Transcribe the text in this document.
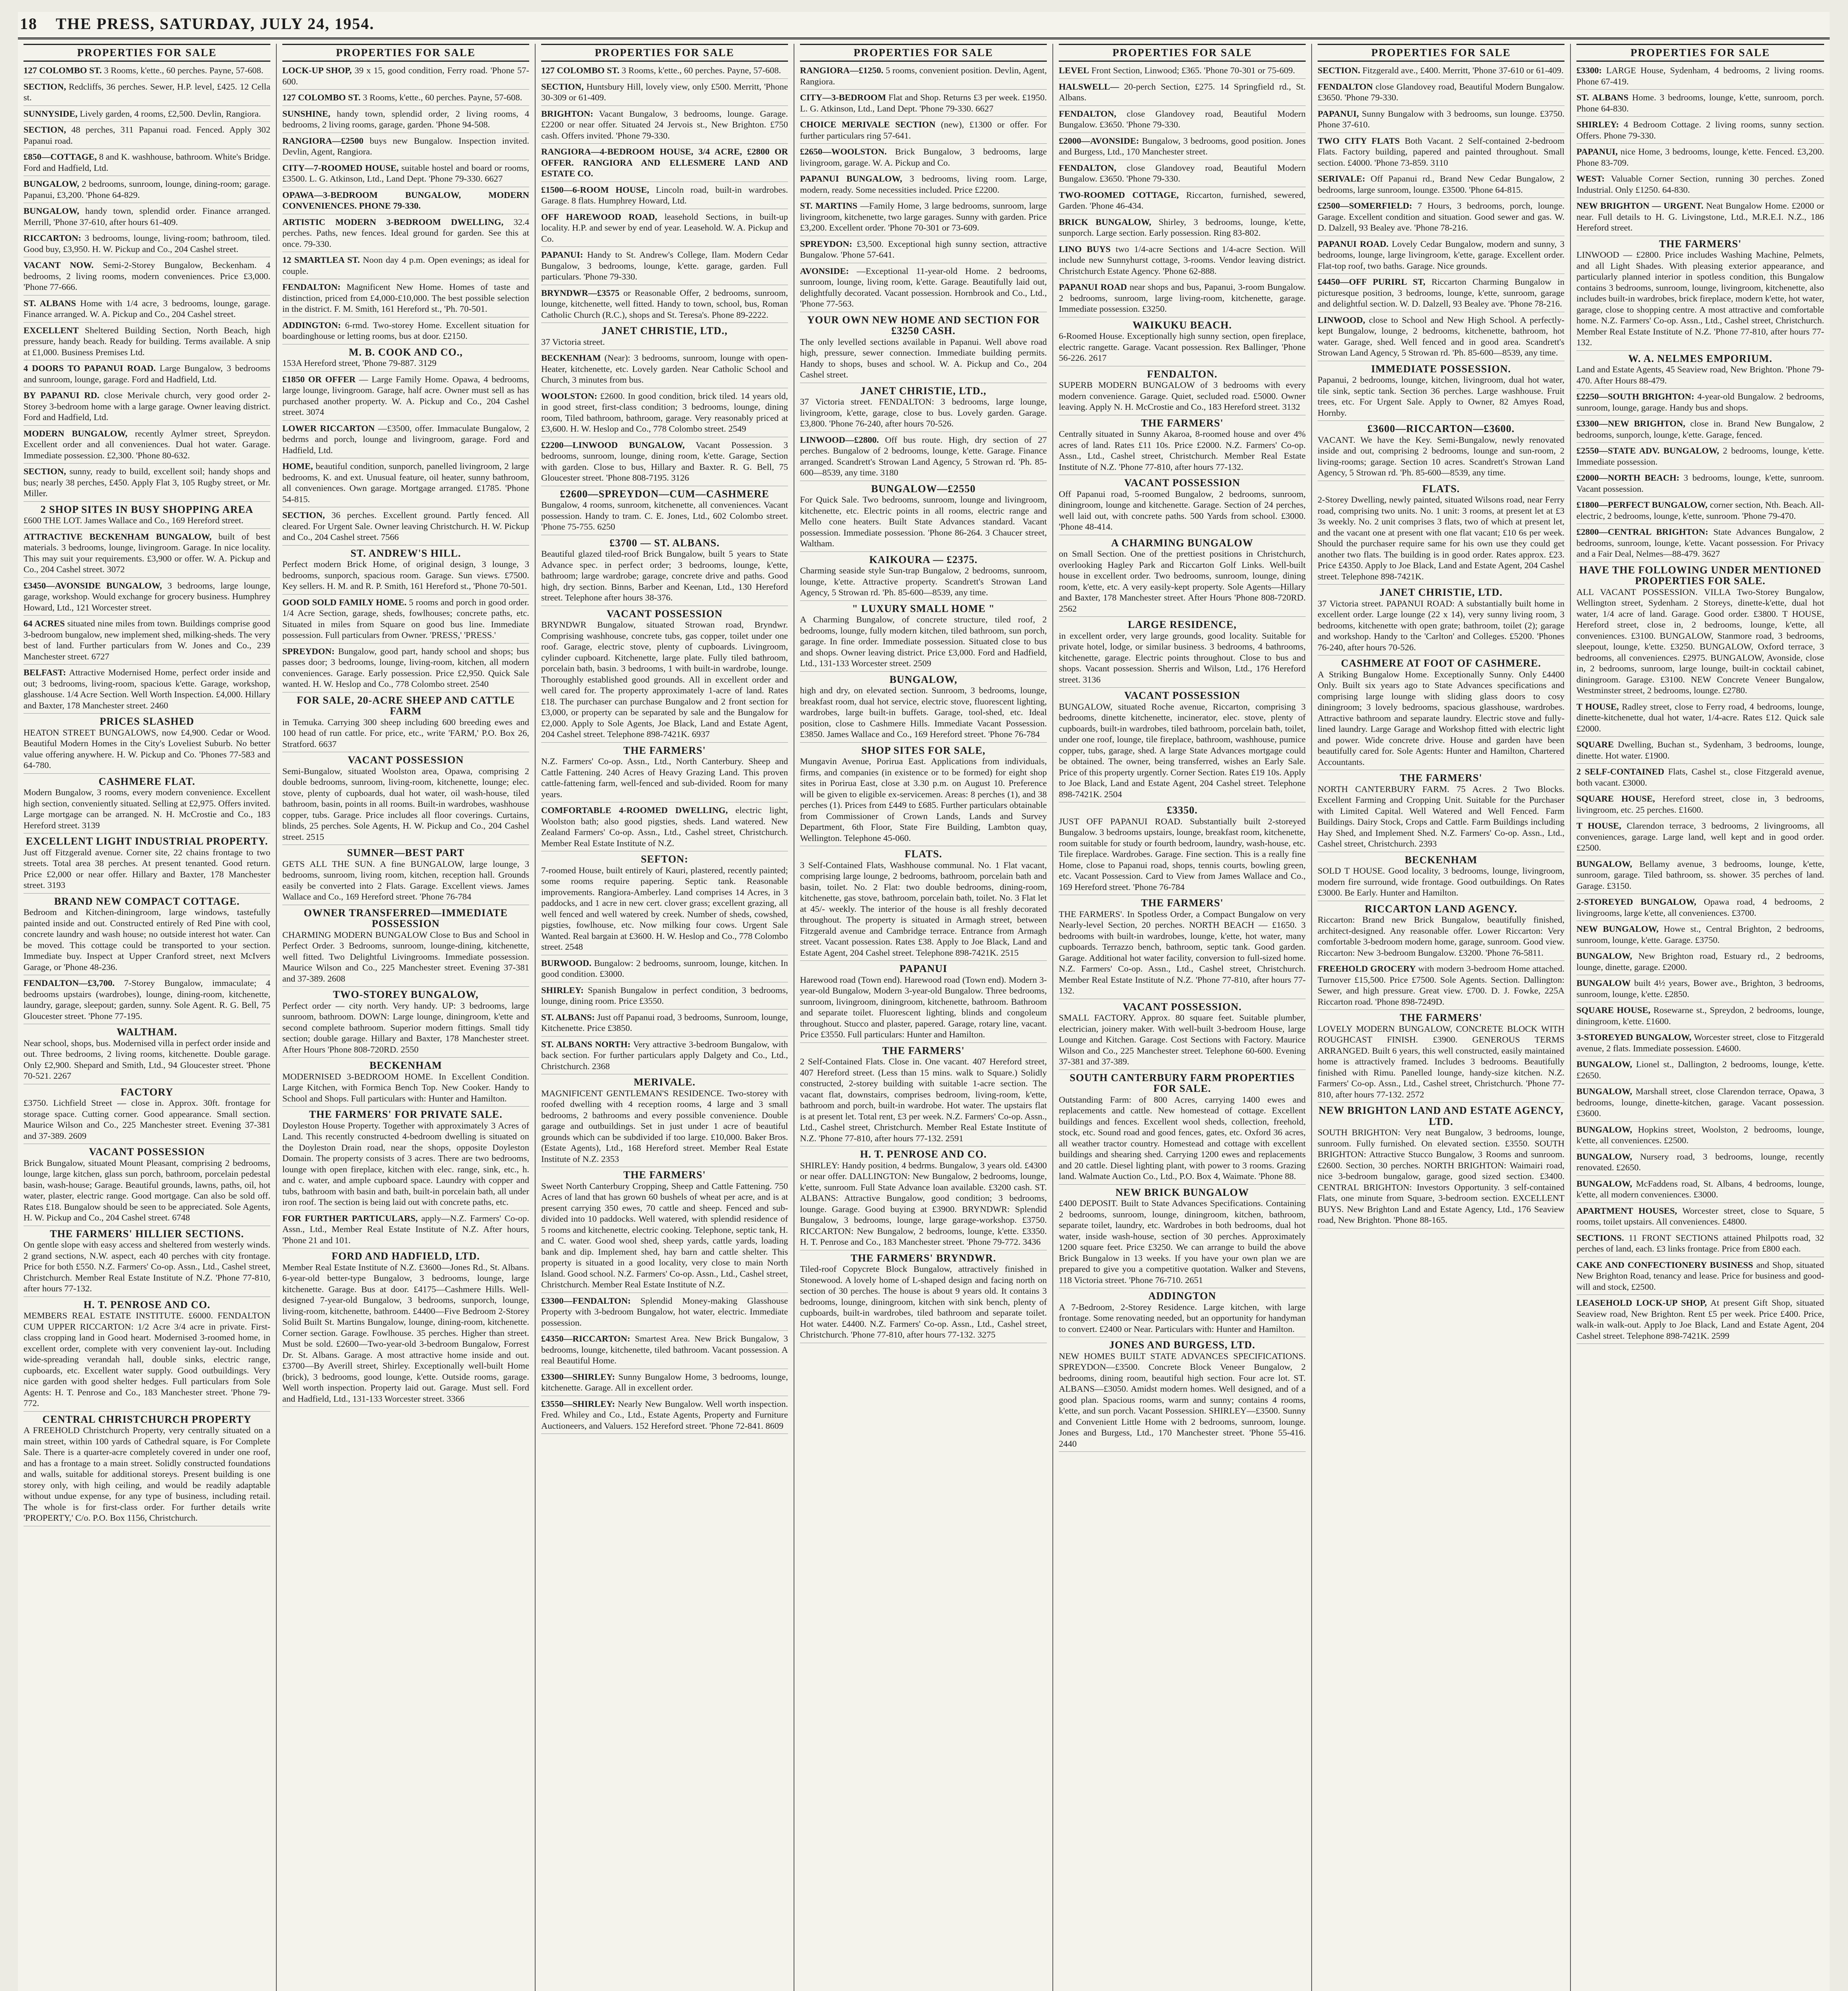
18 THE PRESS, SATURDAY, JULY 24, 1954.
PROPERTIES FOR SALE
127 COLOMBO ST. 3 Rooms, k'ette., 60 perches. Payne, 57-608.
SECTION, Redcliffs, 36 perches. Sewer, H.P. level, £425. 12 Cella st.
SUNNYSIDE, Lively garden, 4 rooms, £2,500. Devlin, Rangiora.
SECTION, 48 perches, 311 Papanui road. Fenced. Apply 302 Papanui road.
£850—COTTAGE, 8 and K. washhouse, bathroom. White's Bridge. Ford and Hadfield, Ltd.
BUNGALOW, 2 bedrooms, sunroom, lounge, dining-room; garage. Papanui, £3,200. 'Phone 64-829.
BUNGALOW, handy town, splendid order. Finance arranged. Merrill, 'Phone 37-610, after hours 61-409.
RICCARTON: 3 bedrooms, lounge, living-room; bathroom, tiled. Good buy, £3,950. H. W. Pickup and Co., 204 Cashel street.
VACANT NOW. Semi-2-Storey Bungalow, Beckenham. 4 bedrooms, 2 living rooms, modern conveniences. Price £3,000. 'Phone 77-666.
ST. ALBANS Home with 1/4 acre, 3 bedrooms, lounge, garage. Finance arranged. W. A. Pickup and Co., 204 Cashel street.
EXCELLENT Sheltered Building Section, North Beach, high pressure, handy beach. Ready for building. Terms available. A snip at £1,000. Business Premises Ltd.
4 DOORS TO PAPANUI ROAD. Large Bungalow, 3 bedrooms and sunroom, lounge, garage. Ford and Hadfield, Ltd.
BY PAPANUI RD. close Merivale church, very good order 2-Storey 3-bedroom home with a large garage. Owner leaving district. Ford and Hadfield, Ltd.
MODERN BUNGALOW, recently Aylmer street, Spreydon. Excellent order and all conveniences. Dual hot water. Garage. Immediate possession. £2,300. 'Phone 80-632.
SECTION, sunny, ready to build, excellent soil; handy shops and bus; nearly 38 perches, £450. Apply Flat 3, 105 Rugby street, or Mr. Miller.
2 SHOP SITES IN BUSY SHOPPING AREA
£600 THE LOT. James Wallace and Co., 169 Hereford street.
ATTRACTIVE BECKENHAM BUNGALOW, built of best materials. 3 bedrooms, lounge, livingroom. Garage. In nice locality. This may suit your requirements. £3,900 or offer. W. A. Pickup and Co., 204 Cashel street. 3072
£3450—AVONSIDE BUNGALOW, 3 bedrooms, large lounge, garage, workshop. Would exchange for grocery business. Humphrey Howard, Ltd., 121 Worcester street.
64 ACRES situated nine miles from town. Buildings comprise good 3-bedroom bungalow, new implement shed, milking-sheds. The very best of land. Further particulars from W. Jones and Co., 239 Manchester street. 6727
BELFAST: Attractive Modernised Home, perfect order inside and out; 3 bedrooms, living-room, spacious k'ette. Garage, workshop, glasshouse. 1/4 Acre Section. Well Worth Inspection. £4,000. Hillary and Baxter, 178 Manchester street. 2460
PRICES SLASHED
HEATON STREET BUNGALOWS, now £4,900. Cedar or Wood. Beautiful Modern Homes in the City's Loveliest Suburb. No better value offering anywhere. H. W. Pickup and Co. 'Phones 77-583 and 64-780.
CASHMERE FLAT.
Modern Bungalow, 3 rooms, every modern convenience. Excellent high section, conveniently situated. Selling at £2,975. Offers invited. Large mortgage can be arranged. N. H. McCrostie and Co., 183 Hereford street. 3139
EXCELLENT LIGHT INDUSTRIAL PROPERTY.
Just off Fitzgerald avenue. Corner site, 22 chains frontage to two streets. Total area 38 perches. At present tenanted. Good return. Price £2,000 or near offer. Hillary and Baxter, 178 Manchester street. 3193
BRAND NEW COMPACT COTTAGE.
Bedroom and Kitchen-diningroom, large windows, tastefully painted inside and out. Constructed entirely of Red Pine with cool, concrete laundry and wash house; no outside interest hot water. Can be moved. This cottage could be transported to your section. Immediate buy. Inspect at Upper Cranford street, next McIvers Garage, or 'Phone 48-236.
FENDALTON—£3,700. 7-Storey Bungalow, immaculate; 4 bedrooms upstairs (wardrobes), lounge, dining-room, kitchenette, laundry, garage, sleepout; garden, sunny. Sole Agent. R. G. Bell, 75 Gloucester street. 'Phone 77-195.
WALTHAM.
Near school, shops, bus. Modernised villa in perfect order inside and out. Three bedrooms, 2 living rooms, kitchenette. Double garage. Only £2,900. Shepard and Smith, Ltd., 94 Gloucester street. 'Phone 70-521. 2267
FACTORY
£3750. Lichfield Street — close in. Approx. 30ft. frontage for storage space. Cutting corner. Good appearance. Small section. Maurice Wilson and Co., 225 Manchester street. Evening 37-381 and 37-389. 2609
VACANT POSSESSION
Brick Bungalow, situated Mount Pleasant, comprising 2 bedrooms, lounge, large kitchen, glass sun porch, bathroom, porcelain pedestal basin, wash-house; Garage. Beautiful grounds, lawns, paths, oil, hot water, plaster, electric range. Good mortgage. Can also be sold off. Rates £18. Bungalow should be seen to be appreciated. Sole Agents, H. W. Pickup and Co., 204 Cashel street. 6748
THE FARMERS' HILLIER SECTIONS.
On gentle slope with easy access and sheltered from westerly winds. 2 grand sections, N.W. aspect, each 40 perches with city frontage. Price for both £550. N.Z. Farmers' Co-op. Assn., Ltd., Cashel street, Christchurch. Member Real Estate Institute of N.Z. 'Phone 77-810, after hours 77-132.
H. T. PENROSE AND CO.
MEMBERS REAL ESTATE INSTITUTE. £6000. FENDALTON CUM UPPER RICCARTON: 1/2 Acre 3/4 acre in private. First-class cropping land in Good heart. Modernised 3-roomed home, in excellent order, complete with very convenient lay-out. Including wide-spreading verandah hall, double sinks, electric range, cupboards, etc. Excellent water supply. Good outbuildings. Very nice garden with good shelter hedges. Full particulars from Sole Agents: H. T. Penrose and Co., 183 Manchester street. 'Phone 79-772.
CENTRAL CHRISTCHURCH PROPERTY
A FREEHOLD Christchurch Property, very centrally situated on a main street, within 100 yards of Cathedral square, is For Complete Sale. There is a quarter-acre completely covered in under one roof, and has a frontage to a main street. Solidly constructed foundations and walls, suitable for additional storeys. Present building is one storey only, with high ceiling, and would be readily adaptable without undue expense, for any type of business, including retail. The whole is for first-class order. For further details write 'PROPERTY,' C/o. P.O. Box 1156, Christchurch.
PROPERTIES FOR SALE
LOCK-UP SHOP, 39 x 15, good condition, Ferry road. 'Phone 57-600.
127 COLOMBO ST. 3 Rooms, k'ette., 60 perches. Payne, 57-608.
SUNSHINE, handy town, splendid order, 2 living rooms, 4 bedrooms, 2 living rooms, garage, garden. 'Phone 94-508.
RANGIORA—£2500 buys new Bungalow. Inspection invited. Devlin, Agent, Rangiora.
CITY—7-ROOMED HOUSE, suitable hostel and board or rooms, £3500. L. G. Atkinson, Ltd., Land Dept. 'Phone 79-330. 6627
OPAWA—3-BEDROOM BUNGALOW, MODERN CONVENIENCES. PHONE 79-330.
ARTISTIC MODERN 3-BEDROOM DWELLING, 32.4 perches. Paths, new fences. Ideal ground for garden. See this at once. 79-330.
12 SMARTLEA ST. Noon day 4 p.m. Open evenings; as ideal for couple.
FENDALTON: Magnificent New Home. Homes of taste and distinction, priced from £4,000-£10,000. The best possible selection in the district. F. M. Smith, 161 Hereford st., 'Ph. 70-501.
ADDINGTON: 6-rmd. Two-storey Home. Excellent situation for boardinghouse or letting rooms, bus at door. £2150.
M. B. COOK AND CO.,
153A Hereford street, 'Phone 79-887. 3129
£1850 OR OFFER — Large Family Home. Opawa, 4 bedrooms, large lounge, livingroom. Garage, half acre. Owner must sell as has purchased another property. W. A. Pickup and Co., 204 Cashel street. 3074
LOWER RICCARTON —£3500, offer. Immaculate Bungalow, 2 bedrms and porch, lounge and livingroom, garage. Ford and Hadfield, Ltd.
HOME, beautiful condition, sunporch, panelled livingroom, 2 large bedrooms, K. and ext. Unusual feature, oil heater, sunny bathroom, all conveniences. Own garage. Mortgage arranged. £1785. 'Phone 54-815.
SECTION, 36 perches. Excellent ground. Partly fenced. All cleared. For Urgent Sale. Owner leaving Christchurch. H. W. Pickup and Co., 204 Cashel street. 7566
ST. ANDREW'S HILL.
Perfect modern Brick Home, of original design, 3 lounge, 3 bedrooms, sunporch, spacious room. Garage. Sun views. £7500. Key sellers. H. M. and R. P. Smith, 161 Hereford st., 'Phone 70-501.
GOOD SOLD FAMILY HOME. 5 rooms and porch in good order. 1/4 Acre Section, garage, sheds, fowlhouses; concrete paths, etc. Situated in miles from Square on good bus line. Immediate possession. Full particulars from Owner. 'PRESS,' 'PRESS.'
SPREYDON: Bungalow, good part, handy school and shops; bus passes door; 3 bedrooms, lounge, living-room, kitchen, all modern conveniences. Garage. Early possession. Price £2,950. Quick Sale wanted. H. W. Heslop and Co., 778 Colombo street. 2540
FOR SALE, 20-ACRE SHEEP AND CATTLE FARM
in Temuka. Carrying 300 sheep including 600 breeding ewes and 100 head of run cattle. For price, etc., write 'FARM,' P.O. Box 26, Stratford. 6637
VACANT POSSESSION
Semi-Bungalow, situated Woolston area, Opawa, comprising 2 double bedrooms, sunroom, living-room, kitchenette, lounge; elec. stove, plenty of cupboards, dual hot water, oil wash-house, tiled bathroom, basin, points in all rooms. Built-in wardrobes, washhouse copper, tubs. Garage. Price includes all floor coverings. Curtains, blinds, 25 perches. Sole Agents, H. W. Pickup and Co., 204 Cashel street. 2515
SUMNER—BEST PART
GETS ALL THE SUN. A fine BUNGALOW, large lounge, 3 bedrooms, sunroom, living room, kitchen, reception hall. Grounds easily be converted into 2 Flats. Garage. Excellent views. James Wallace and Co., 169 Hereford street. 'Phone 76-784
OWNER TRANSFERRED—IMMEDIATE POSSESSION
CHARMING MODERN BUNGALOW Close to Bus and School in Perfect Order. 3 Bedrooms, sunroom, lounge-dining, kitchenette, well fitted. Two Delightful Livingrooms. Immediate possession. Maurice Wilson and Co., 225 Manchester street. Evening 37-381 and 37-389. 2608
TWO-STOREY BUNGALOW,
Perfect order — city north. Very handy. UP: 3 bedrooms, large sunroom, bathroom. DOWN: Large lounge, diningroom, k'ette and second complete bathroom. Superior modern fittings. Small tidy section; double garage. Hillary and Baxter, 178 Manchester street. After Hours 'Phone 808-720RD. 2550
BECKENHAM
MODERNISED 3-BEDROOM HOME. In Excellent Condition. Large Kitchen, with Formica Bench Top. New Cooker. Handy to School and Shops. Full particulars with: Hunter and Hamilton.
THE FARMERS' FOR PRIVATE SALE.
Doyleston House Property. Together with approximately 3 Acres of Land. This recently constructed 4-bedroom dwelling is situated on the Doyleston Drain road, near the shops, opposite Doyleston Domain. The property consists of 3 acres. There are two bedrooms, lounge with open fireplace, kitchen with elec. range, sink, etc., h. and c. water, and ample cupboard space. Laundry with copper and tubs, bathroom with basin and bath, built-in porcelain bath, all under iron roof. The section is being laid out with concrete paths, etc.
FOR FURTHER PARTICULARS, apply—N.Z. Farmers' Co-op. Assn., Ltd., Member Real Estate Institute of N.Z. After hours, 'Phone 21 and 101.
FORD AND HADFIELD, LTD.
Member Real Estate Institute of N.Z. £3600—Jones Rd., St. Albans. 6-year-old better-type Bungalow, 3 bedrooms, lounge, large kitchenette. Garage. Bus at door. £4175—Cashmere Hills. Well-designed 7-year-old Bungalow, 3 bedrooms, sunporch, lounge, living-room, kitchenette, bathroom. £4400—Five Bedroom 2-Storey Solid Built St. Martins Bungalow, lounge, dining-room, kitchenette. Corner section. Garage. Fowlhouse. 35 perches. Higher than street. Must be sold. £2600—Two-year-old 3-bedroom Bungalow, Forrest Dr. St. Albans. Garage. A most attractive home inside and out. £3700—By Averill street, Shirley. Exceptionally well-built Home (brick), 3 bedrooms, good lounge, k'ette. Outside rooms, garage. Well worth inspection. Property laid out. Garage. Must sell. Ford and Hadfield, Ltd., 131-133 Worcester street. 3366
PROPERTIES FOR SALE
127 COLOMBO ST. 3 Rooms, k'ette., 60 perches. Payne, 57-608.
SECTION, Huntsbury Hill, lovely view, only £500. Merritt, 'Phone 30-309 or 61-409.
BRIGHTON: Vacant Bungalow, 3 bedrooms, lounge. Garage. £2200 or near offer. Situated 24 Jervois st., New Brighton. £750 cash. Offers invited. 'Phone 79-330.
RANGIORA—4-BEDROOM HOUSE, 3/4 ACRE, £2800 OR OFFER. RANGIORA AND ELLESMERE LAND AND ESTATE CO.
£1500—6-ROOM HOUSE, Lincoln road, built-in wardrobes. Garage. 8 flats. Humphrey Howard, Ltd.
OFF HAREWOOD ROAD, leasehold Sections, in built-up locality. H.P. and sewer by end of year. Leasehold. W. A. Pickup and Co.
PAPANUI: Handy to St. Andrew's College, Ilam. Modern Cedar Bungalow, 3 bedrooms, lounge, k'ette. garage, garden. Full particulars. 'Phone 79-330.
BRYNDWR—£3575 or Reasonable Offer, 2 bedrooms, sunroom, lounge, kitchenette, well fitted. Handy to town, school, bus, Roman Catholic Church (R.C.), shops and St. Teresa's. Phone 89-2222.
JANET CHRISTIE, LTD.,
37 Victoria street.
BECKENHAM (Near): 3 bedrooms, sunroom, lounge with open-Heater, kitchenette, etc. Lovely garden. Near Catholic School and Church, 3 minutes from bus.
WOOLSTON: £2600. In good condition, brick tiled. 14 years old, in good street, first-class condition; 3 bedrooms, lounge, dining room, Tiled bathroom, bathroom, garage. Very reasonably priced at £3,600. H. W. Heslop and Co., 778 Colombo street. 2549
£2200—LINWOOD BUNGALOW, Vacant Possession. 3 bedrooms, sunroom, lounge, dining room, k'ette. Garage, Section with garden. Close to bus, Hillary and Baxter. R. G. Bell, 75 Gloucester street. 'Phone 808-7195. 3126
£2600—SPREYDON—CUM—CASHMERE
Bungalow, 4 rooms, sunroom, kitchenette, all conveniences. Vacant possession. Handy to tram. C. E. Jones, Ltd., 602 Colombo street. 'Phone 75-755. 6250
£3700 — ST. ALBANS.
Beautiful glazed tiled-roof Brick Bungalow, built 5 years to State Advance spec. in perfect order; 3 bedrooms, lounge, k'ette, bathroom; large wardrobe; garage, concrete drive and paths. Good high, dry section. Binns, Barber and Keenan, Ltd., 130 Hereford street. Telephone after hours 38-376.
VACANT POSSESSION
BRYNDWR Bungalow, situated Strowan road, Bryndwr. Comprising washhouse, concrete tubs, gas copper, toilet under one roof. Garage, electric stove, plenty of cupboards. Livingroom, cylinder cupboard. Kitchenette, large plate. Fully tiled bathroom, porcelain bath, basin. 3 bedrooms, 1 with built-in wardrobe, lounge. Thoroughly established good grounds. All in excellent order and well cared for. The property approximately 1-acre of land. Rates £18. The purchaser can purchase Bungalow and 2 front section for £3,000, or property can be separated by sale and the Bungalow for £2,000. Apply to Sole Agents, Joe Black, Land and Estate Agent, 204 Cashel street. Telephone 898-7421K. 6937
THE FARMERS'
N.Z. Farmers' Co-op. Assn., Ltd., North Canterbury. Sheep and Cattle Fattening. 240 Acres of Heavy Grazing Land. This proven cattle-fattening farm, well-fenced and sub-divided. Room for many years.
COMFORTABLE 4-ROOMED DWELLING, electric light, Woolston bath; also good pigsties, sheds. Land watered. New Zealand Farmers' Co-op. Assn., Ltd., Cashel street, Christchurch. Member Real Estate Institute of N.Z.
SEFTON:
7-roomed House, built entirely of Kauri, plastered, recently painted; some rooms require papering. Septic tank. Reasonable improvements. Rangiora-Amberley. Land comprises 14 Acres, in 3 paddocks, and 1 acre in new cert. clover grass; excellent grazing, all well fenced and well watered by creek. Number of sheds, cowshed, pigsties, fowlhouse, etc. Now milking four cows. Urgent Sale Wanted. Real bargain at £3600. H. W. Heslop and Co., 778 Colombo street. 2548
BURWOOD. Bungalow: 2 bedrooms, sunroom, lounge, kitchen. In good condition. £3000.
SHIRLEY: Spanish Bungalow in perfect condition, 3 bedrooms, lounge, dining room. Price £3550.
ST. ALBANS: Just off Papanui road, 3 bedrooms, Sunroom, lounge, Kitchenette. Price £3850.
ST. ALBANS NORTH: Very attractive 3-bedroom Bungalow, with back section. For further particulars apply Dalgety and Co., Ltd., Christchurch. 2368
MERIVALE.
MAGNIFICENT GENTLEMAN'S RESIDENCE. Two-storey with roofed dwelling with 4 reception rooms, 4 large and 3 small bedrooms, 2 bathrooms and every possible convenience. Double garage and outbuildings. Set in just under 1 acre of beautiful grounds which can be subdivided if too large. £10,000. Baker Bros. (Estate Agents), Ltd., 168 Hereford street. Member Real Estate Institute of N.Z. 2353
THE FARMERS'
Sweet North Canterbury Cropping, Sheep and Cattle Fattening. 750 Acres of land that has grown 60 bushels of wheat per acre, and is at present carrying 350 ewes, 70 cattle and sheep. Fenced and sub-divided into 10 paddocks. Well watered, with splendid residence of 5 rooms and kitchenette, electric cooking. Telephone, septic tank, H. and C. water. Good wool shed, sheep yards, cattle yards, loading bank and dip. Implement shed, hay barn and cattle shelter. This property is situated in a good locality, very close to main North Island. Good school. N.Z. Farmers' Co-op. Assn., Ltd., Cashel street, Christchurch. Member Real Estate Institute of N.Z.
£3300—FENDALTON: Splendid Money-making Glasshouse Property with 3-bedroom Bungalow, hot water, electric. Immediate possession.
£4350—RICCARTON: Smartest Area. New Brick Bungalow, 3 bedrooms, lounge, kitchenette, tiled bathroom. Vacant possession. A real Beautiful Home.
£3300—SHIRLEY: Sunny Bungalow Home, 3 bedrooms, lounge, kitchenette. Garage. All in excellent order.
£3550—SHIRLEY: Nearly New Bungalow. Well worth inspection. Fred. Whiley and Co., Ltd., Estate Agents, Property and Furniture Auctioneers, and Valuers. 152 Hereford street. 'Phone 72-841. 8609
PROPERTIES FOR SALE
RANGIORA—£1250. 5 rooms, convenient position. Devlin, Agent, Rangiora.
CITY—3-BEDROOM Flat and Shop. Returns £3 per week. £1950. L. G. Atkinson, Ltd., Land Dept. 'Phone 79-330. 6627
CHOICE MERIVALE SECTION (new), £1300 or offer. For further particulars ring 57-641.
£2650—WOOLSTON. Brick Bungalow, 3 bedrooms, large livingroom, garage. W. A. Pickup and Co.
PAPANUI BUNGALOW, 3 bedrooms, living room. Large, modern, ready. Some necessities included. Price £2200.
ST. MARTINS —Family Home, 3 large bedrooms, sunroom, large livingroom, kitchenette, two large garages. Sunny with garden. Price £3,200. Excellent order. 'Phone 70-301 or 73-609.
SPREYDON: £3,500. Exceptional high sunny section, attractive Bungalow. 'Phone 57-641.
AVONSIDE: —Exceptional 11-year-old Home. 2 bedrooms, sunroom, lounge, living room, k'ette. Garage. Beautifully laid out, delightfully decorated. Vacant possession. Hornbrook and Co., Ltd., 'Phone 77-563.
YOUR OWN NEW HOME AND SECTION FOR £3250 CASH.
The only levelled sections available in Papanui. Well above road high, pressure, sewer connection. Immediate building permits. Handy to shops, buses and school. W. A. Pickup and Co., 204 Cashel street.
JANET CHRISTIE, LTD.,
37 Victoria street. FENDALTON: 3 bedrooms, large lounge, livingroom, k'ette, garage, close to bus. Lovely garden. Garage. £3,800. 'Phone 76-240, after hours 70-526.
LINWOOD—£2800. Off bus route. High, dry section of 27 perches. Bungalow of 2 bedrooms, lounge, k'ette. Garage. Finance arranged. Scandrett's Strowan Land Agency, 5 Strowan rd. 'Ph. 85-600—8539, any time. 3180
BUNGALOW—£2550
For Quick Sale. Two bedrooms, sunroom, lounge and livingroom, kitchenette, etc. Electric points in all rooms, electric range and Mello cone heaters. Built State Advances standard. Vacant possession. Immediate possession. 'Phone 86-264. 3 Chaucer street, Waltham.
KAIKOURA — £2375.
Charming seaside style Sun-trap Bungalow, 2 bedrooms, sunroom, lounge, k'ette. Attractive property. Scandrett's Strowan Land Agency, 5 Strowan rd. 'Ph. 85-600—8539, any time.
" LUXURY SMALL HOME "
A Charming Bungalow, of concrete structure, tiled roof, 2 bedrooms, lounge, fully modern kitchen, tiled bathroom, sun porch, garage. In fine order. Immediate possession. Situated close to bus and shops. Owner leaving district. Price £3,000. Ford and Hadfield, Ltd., 131-133 Worcester street. 2509
BUNGALOW,
high and dry, on elevated section. Sunroom, 3 bedrooms, lounge, breakfast room, dual hot service, electric stove, fluorescent lighting, wardrobes, large built-in buffets. Garage, tool-shed, etc. Ideal position, close to Cashmere Hills. Immediate Vacant Possession. £3850. James Wallace and Co., 169 Hereford street. 'Phone 76-784
SHOP SITES FOR SALE,
Mungavin Avenue, Porirua East. Applications from individuals, firms, and companies (in existence or to be formed) for eight shop sites in Porirua East, close at 3.30 p.m. on August 10. Preference will be given to eligible ex-servicemen. Areas: 8 perches (1), and 38 perches (1). Prices from £449 to £685. Further particulars obtainable from Commissioner of Crown Lands, Lands and Survey Department, 6th Floor, State Fire Building, Lambton quay, Wellington. Telephone 45-060.
FLATS.
3 Self-Contained Flats, Washhouse communal. No. 1 Flat vacant, comprising large lounge, 2 bedrooms, bathroom, porcelain bath and basin, toilet. No. 2 Flat: two double bedrooms, dining-room, kitchenette, gas stove, bathroom, porcelain bath, toilet. No. 3 Flat let at 45/- weekly. The interior of the house is all freshly decorated throughout. The property is situated in Armagh street, between Fitzgerald avenue and Cambridge terrace. Entrance from Armagh street. Vacant possession. Rates £38. Apply to Joe Black, Land and Estate Agent, 204 Cashel street. Telephone 898-7421K. 2515
PAPANUI
Harewood road (Town end). Harewood road (Town end). Modern 3-year-old Bungalow, Modern 3-year-old Bungalow. Three bedrooms, sunroom, livingroom, diningroom, kitchenette, bathroom. Bathroom and separate toilet. Fluorescent lighting, blinds and congoleum throughout. Stucco and plaster, papered. Garage, rotary line, vacant. Price £3550. Full particulars: Hunter and Hamilton.
THE FARMERS'
2 Self-Contained Flats. Close in. One vacant. 407 Hereford street, 407 Hereford street. (Less than 15 mins. walk to Square.) Solidly constructed, 2-storey building with suitable 1-acre section. The vacant flat, downstairs, comprises bedroom, living-room, k'ette, bathroom and porch, built-in wardrobe. Hot water. The upstairs flat is at present let. Total rent, £3 per week. N.Z. Farmers' Co-op. Assn., Ltd., Cashel street, Christchurch. Member Real Estate Institute of N.Z. 'Phone 77-810, after hours 77-132. 2591
H. T. PENROSE AND CO.
SHIRLEY: Handy position, 4 bedrms. Bungalow, 3 years old. £4300 or near offer. DALLINGTON: New Bungalow, 2 bedrooms, lounge, k'ette, sunroom. Full State Advance loan available. £3200 cash. ST. ALBANS: Attractive Bungalow, good condition; 3 bedrooms, lounge. Garage. Good buying at £3900. BRYNDWR: Splendid Bungalow, 3 bedrooms, lounge, large garage-workshop. £3750. RICCARTON: New Bungalow, 2 bedrooms, lounge, k'ette. £3350. H. T. Penrose and Co., 183 Manchester street. 'Phone 79-772. 3436
THE FARMERS' BRYNDWR.
Tiled-roof Copycrete Block Bungalow, attractively finished in Stonewood. A lovely home of L-shaped design and facing north on section of 30 perches. The house is about 9 years old. It contains 3 bedrooms, lounge, diningroom, kitchen with sink bench, plenty of cupboards, built-in wardrobes, tiled bathroom and separate toilet. Hot water. £4400. N.Z. Farmers' Co-op. Assn., Ltd., Cashel street, Christchurch. 'Phone 77-810, after hours 77-132. 3275
PROPERTIES FOR SALE
LEVEL Front Section, Linwood; £365. 'Phone 70-301 or 75-609.
HALSWELL— 20-perch Section, £275. 14 Springfield rd., St. Albans.
FENDALTON, close Glandovey road, Beautiful Modern Bungalow. £3650. 'Phone 79-330.
£2000—AVONSIDE: Bungalow, 3 bedrooms, good position. Jones and Burgess, Ltd., 170 Manchester street.
FENDALTON, close Glandovey road, Beautiful Modern Bungalow. £3650. 'Phone 79-330.
TWO-ROOMED COTTAGE, Riccarton, furnished, sewered, Garden. 'Phone 46-434.
BRICK BUNGALOW, Shirley, 3 bedrooms, lounge, k'ette, sunporch. Large section. Early possession. Ring 83-802.
LINO BUYS two 1/4-acre Sections and 1/4-acre Section. Will include new Sunnyhurst cottage, 3-rooms. Vendor leaving district. Christchurch Estate Agency. 'Phone 62-888.
PAPANUI ROAD near shops and bus, Papanui, 3-room Bungalow. 2 bedrooms, sunroom, large living-room, kitchenette, garage. Immediate possession. £3250.
WAIKUKU BEACH.
6-Roomed House. Exceptionally high sunny section, open fireplace, electric rangette. Garage. Vacant possession. Rex Ballinger, 'Phone 56-226. 2617
FENDALTON.
SUPERB MODERN BUNGALOW of 3 bedrooms with every modern convenience. Garage. Quiet, secluded road. £5000. Owner leaving. Apply N. H. McCrostie and Co., 183 Hereford street. 3132
THE FARMERS'
Centrally situated in Sunny Akaroa, 8-roomed house and over 4% acres of land. Rates £11 10s. Price £2000. N.Z. Farmers' Co-op. Assn., Ltd., Cashel street, Christchurch. Member Real Estate Institute of N.Z. 'Phone 77-810, after hours 77-132.
VACANT POSSESSION
Off Papanui road, 5-roomed Bungalow, 2 bedrooms, sunroom, diningroom, lounge and kitchenette. Garage. Section of 24 perches, well laid out, with concrete paths. 500 Yards from school. £3000. 'Phone 48-414.
A CHARMING BUNGALOW
on Small Section. One of the prettiest positions in Christchurch, overlooking Hagley Park and Riccarton Golf Links. Well-built house in excellent order. Two bedrooms, sunroom, lounge, dining room, k'ette, etc. A very easily-kept property. Sole Agents—Hillary and Baxter, 178 Manchester street. After Hours 'Phone 808-720RD. 2562
LARGE RESIDENCE,
in excellent order, very large grounds, good locality. Suitable for private hotel, lodge, or similar business. 3 bedrooms, 4 bathrooms, kitchenette, garage. Electric points throughout. Close to bus and shops. Vacant possession. Sherris and Wilson, Ltd., 176 Hereford street. 3136
VACANT POSSESSION
BUNGALOW, situated Roche avenue, Riccarton, comprising 3 bedrooms, dinette kitchenette, incinerator, elec. stove, plenty of cupboards, built-in wardrobes, tiled bathroom, porcelain bath, toilet, under one roof, lounge, tile fireplace, bathroom, washhouse, pumice copper, tubs, garage, shed. A large State Advances mortgage could be obtained. The owner, being transferred, wishes an Early Sale. Price of this property urgently. Corner Section. Rates £19 10s. Apply to Joe Black, Land and Estate Agent, 204 Cashel street. Telephone 898-7421K. 2504
£3350.
JUST OFF PAPANUI ROAD. Substantially built 2-storeyed Bungalow. 3 bedrooms upstairs, lounge, breakfast room, kitchenette, room suitable for study or fourth bedroom, laundry, wash-house, etc. Tile fireplace. Wardrobes. Garage. Fine section. This is a really fine Home, close to Papanui road, shops, tennis courts, bowling green, etc. Vacant Possession. Card to View from James Wallace and Co., 169 Hereford street. 'Phone 76-784
THE FARMERS'
THE FARMERS'. In Spotless Order, a Compact Bungalow on very Nearly-level Section, 20 perches. NORTH BEACH — £1650. 3 bedrooms with built-in wardrobes, lounge, k'ette, hot water, many cupboards. Terrazzo bench, bathroom, septic tank. Good garden. Garage. Additional hot water facility, conversion to full-sized home. N.Z. Farmers' Co-op. Assn., Ltd., Cashel street, Christchurch. Member Real Estate Institute of N.Z. 'Phone 77-810, after hours 77-132.
VACANT POSSESSION.
SMALL FACTORY. Approx. 80 square feet. Suitable plumber, electrician, joinery maker. With well-built 3-bedroom House, large Lounge and Kitchen. Garage. Cost Sections with Factory. Maurice Wilson and Co., 225 Manchester street. Telephone 60-600. Evening 37-381 and 37-389.
SOUTH CANTERBURY FARM PROPERTIES FOR SALE.
Outstanding Farm: of 800 Acres, carrying 1400 ewes and replacements and cattle. New homestead of cottage. Excellent buildings and fences. Excellent wool sheds, collection, freehold, stock, etc. Sound road and good fences, gates, etc. Oxford 36 acres, all weather tractor country. Homestead and cottage with excellent buildings and shearing shed. Carrying 1200 ewes and replacements and 20 cattle. Diesel lighting plant, with power to 3 rooms. Grazing land. Walmate Auction Co., Ltd., P.O. Box 4, Waimate. 'Phone 88.
NEW BRICK BUNGALOW
£400 DEPOSIT. Built to State Advances Specifications. Containing 2 bedrooms, sunroom, lounge, diningroom, kitchen, bathroom, separate toilet, laundry, etc. Wardrobes in both bedrooms, dual hot water, inside wash-house, section of 30 perches. Approximately 1200 square feet. Price £3250. We can arrange to build the above Brick Bungalow in 13 weeks. If you have your own plan we are prepared to give you a competitive quotation. Walker and Stevens, 118 Victoria street. 'Phone 76-710. 2651
ADDINGTON
A 7-Bedroom, 2-Storey Residence. Large kitchen, with large frontage. Some renovating needed, but an opportunity for handyman to convert. £2400 or Near. Particulars with: Hunter and Hamilton.
JONES AND BURGESS, LTD.
NEW HOMES BUILT STATE ADVANCES SPECIFICATIONS. SPREYDON—£3500. Concrete Block Veneer Bungalow, 2 bedrooms, dining room, beautiful high section. Four acre lot. ST. ALBANS—£3050. Amidst modern homes. Well designed, and of a good plan. Spacious rooms, warm and sunny; contains 4 rooms, k'ette, and sun porch. Vacant Possession. SHIRLEY—£3500. Sunny and Convenient Little Home with 2 bedrooms, sunroom, lounge. Jones and Burgess, Ltd., 170 Manchester street. 'Phone 55-416. 2440
PROPERTIES FOR SALE
SECTION. Fitzgerald ave., £400. Merritt, 'Phone 37-610 or 61-409.
FENDALTON close Glandovey road, Beautiful Modern Bungalow. £3650. 'Phone 79-330.
PAPANUI, Sunny Bungalow with 3 bedrooms, sun lounge. £3750. Phone 37-610.
TWO CITY FLATS Both Vacant. 2 Self-contained 2-bedroom Flats. Factory building, papered and painted throughout. Small section. £4000. 'Phone 73-859. 3110
SERIVALE: Off Papanui rd., Brand New Cedar Bungalow, 2 bedrooms, large sunroom, lounge. £3500. 'Phone 64-815.
£2500—SOMERFIELD: 7 Hours, 3 bedrooms, porch, lounge. Garage. Excellent condition and situation. Good sewer and gas. W. D. Dalzell, 93 Bealey ave. 'Phone 78-216.
PAPANUI ROAD. Lovely Cedar Bungalow, modern and sunny, 3 bedrooms, lounge, large livingroom, k'ette, garage. Excellent order. Flat-top roof, two baths. Garage. Nice grounds.
£4450—OFF PURIRL ST, Riccarton Charming Bungalow in picturesque position, 3 bedrooms, lounge, k'ette, sunroom, garage and delightful section. W. D. Dalzell, 93 Bealey ave. 'Phone 78-216.
LINWOOD, close to School and New High School. A perfectly-kept Bungalow, lounge, 2 bedrooms, kitchenette, bathroom, hot water. Garage, shed. Well fenced and in good area. Scandrett's Strowan Land Agency, 5 Strowan rd. 'Ph. 85-600—8539, any time.
IMMEDIATE POSSESSION.
Papanui, 2 bedrooms, lounge, kitchen, livingroom, dual hot water, tile sink, septic tank. Section 36 perches. Large washhouse. Fruit trees, etc. For Urgent Sale. Apply to Owner, 82 Amyes Road, Hornby.
£3600—RICCARTON—£3600.
VACANT. We have the Key. Semi-Bungalow, newly renovated inside and out, comprising 2 bedrooms, lounge and sun-room, 2 living-rooms; garage. Section 10 acres. Scandrett's Strowan Land Agency, 5 Strowan rd. 'Ph. 85-600—8539, any time.
FLATS.
2-Storey Dwelling, newly painted, situated Wilsons road, near Ferry road, comprising two units. No. 1 unit: 3 rooms, at present let at £3 3s weekly. No. 2 unit comprises 3 flats, two of which at present let, and the vacant one at present with one flat vacant; £10 6s per week. Should the purchaser require same for his own use they could get another two flats. The building is in good order. Rates approx. £23. Price £4350. Apply to Joe Black, Land and Estate Agent, 204 Cashel street. Telephone 898-7421K.
JANET CHRISTIE, LTD.
37 Victoria street. PAPANUI ROAD: A substantially built home in excellent order. Large lounge (22 x 14), very sunny living room, 3 bedrooms, kitchenette with open grate; bathroom, toilet (2); garage and workshop. Handy to the 'Carlton' and Colleges. £5200. 'Phones 76-240, after hours 70-526.
CASHMERE AT FOOT OF CASHMERE.
A Striking Bungalow Home. Exceptionally Sunny. Only £4400 Only. Built six years ago to State Advances specifications and comprising large lounge with sliding glass doors to cosy diningroom; 3 lovely bedrooms, spacious glasshouse, wardrobes. Attractive bathroom and separate laundry. Electric stove and fully-lined laundry. Large Garage and Workshop fitted with electric light and power. Wide concrete drive. House and garden have been beautifully cared for. Sole Agents: Hunter and Hamilton, Chartered Accountants.
THE FARMERS'
NORTH CANTERBURY FARM. 75 Acres. 2 Two Blocks. Excellent Farming and Cropping Unit. Suitable for the Purchaser with Limited Capital. Well Watered and Well Fenced. Farm Buildings. Dairy Stock, Crops and Cattle. Farm Buildings including Hay Shed, and Implement Shed. N.Z. Farmers' Co-op. Assn., Ltd., Cashel street, Christchurch. 2393
BECKENHAM
SOLD T HOUSE. Good locality, 3 bedrooms, lounge, livingroom, modern fire surround, wide frontage. Good outbuildings. On Rates £3000. Be Early. Hunter and Hamilton.
RICCARTON LAND AGENCY.
Riccarton: Brand new Brick Bungalow, beautifully finished, architect-designed. Any reasonable offer. Lower Riccarton: Very comfortable 3-bedroom modern home, garage, sunroom. Good view. Riccarton: New 3-bedroom Bungalow. £3200. 'Phone 76-5811.
FREEHOLD GROCERY with modern 3-bedroom Home attached. Turnover £15,500. Price £7500. Sole Agents. Section. Dallington: Sewer, and high pressure. Great view. £700. D. J. Fowke, 225A Riccarton road. 'Phone 898-7249D.
THE FARMERS'
LOVELY MODERN BUNGALOW, CONCRETE BLOCK WITH ROUGHCAST FINISH. £3900. GENEROUS TERMS ARRANGED. Built 6 years, this well constructed, easily maintained home is attractively framed. Includes 3 bedrooms. Beautifully finished with Rimu. Panelled lounge, handy-size kitchen. N.Z. Farmers' Co-op. Assn., Ltd., Cashel street, Christchurch. 'Phone 77-810, after hours 77-132. 2572
NEW BRIGHTON LAND AND ESTATE AGENCY, LTD.
SOUTH BRIGHTON: Very neat Bungalow, 3 bedrooms, lounge, sunroom. Fully furnished. On elevated section. £3550. SOUTH BRIGHTON: Attractive Stucco Bungalow, 3 Rooms and sunroom. £2600. Section, 30 perches. NORTH BRIGHTON: Waimairi road, nice 3-bedroom bungalow, garage, good sized section. £3400. CENTRAL BRIGHTON: Investors Opportunity. 3 self-contained Flats, one minute from Square, 3-bedroom section. EXCELLENT BUYS. New Brighton Land and Estate Agency, Ltd., 176 Seaview road, New Brighton. 'Phone 88-165.
PROPERTIES FOR SALE
£3300: LARGE House, Sydenham, 4 bedrooms, 2 living rooms. Phone 67-419.
ST. ALBANS Home. 3 bedrooms, lounge, k'ette, sunroom, porch. Phone 64-830.
SHIRLEY: 4 Bedroom Cottage. 2 living rooms, sunny section. Offers. Phone 79-330.
PAPANUI, nice Home, 3 bedrooms, lounge, k'ette. Fenced. £3,200. Phone 83-709.
WEST: Valuable Corner Section, running 30 perches. Zoned Industrial. Only £1250. 64-830.
NEW BRIGHTON — URGENT. Neat Bungalow Home. £2000 or near. Full details to H. G. Livingstone, Ltd., M.R.E.I. N.Z., 186 Hereford street.
THE FARMERS'
LINWOOD — £2800. Price includes Washing Machine, Pelmets, and all Light Shades. With pleasing exterior appearance, and particularly planned interior in spotless condition, this Bungalow contains 3 bedrooms, sunroom, lounge, livingroom, kitchenette, also includes built-in wardrobes, brick fireplace, modern k'ette, hot water, garage, close to shopping centre. A most attractive and comfortable home. N.Z. Farmers' Co-op. Assn., Ltd., Cashel street, Christchurch. Member Real Estate Institute of N.Z. 'Phone 77-810, after hours 77-132.
W. A. NELMES EMPORIUM.
Land and Estate Agents, 45 Seaview road, New Brighton. 'Phone 79-470. After Hours 88-479.
£2250—SOUTH BRIGHTON: 4-year-old Bungalow. 2 bedrooms, sunroom, lounge, garage. Handy bus and shops.
£3300—NEW BRIGHTON, close in. Brand New Bungalow, 2 bedrooms, sunporch, lounge, k'ette. Garage, fenced.
£2550—STATE ADV. BUNGALOW, 2 bedrooms, lounge, k'ette. Immediate possession.
£2000—NORTH BEACH: 3 bedrooms, lounge, k'ette, sunroom. Vacant possession.
£1800—PERFECT BUNGALOW, corner section, Nth. Beach. All-electric, 2 bedrooms, lounge, k'ette, sunroom. 'Phone 79-470.
£2800—CENTRAL BRIGHTON: State Advances Bungalow, 2 bedrooms, sunroom, lounge, k'ette. Vacant possession. For Privacy and a Fair Deal, Nelmes—88-479. 3627
HAVE THE FOLLOWING UNDER MENTIONED PROPERTIES FOR SALE.
ALL VACANT POSSESSION. VILLA Two-Storey Bungalow, Wellington street, Sydenham. 2 Storeys, dinette-k'ette, dual hot water, 1/4 acre of land. Garage. Good order. £3800. T HOUSE, Hereford street, close in, 2 bedrooms, lounge, k'ette, all conveniences. £3100. BUNGALOW, Stanmore road, 3 bedrooms, sleepout, lounge, k'ette. £3250. BUNGALOW, Oxford terrace, 3 bedrooms, all conveniences. £2975. BUNGALOW, Avonside, close in, 2 bedrooms, sunroom, large lounge, built-in cocktail cabinet, diningroom. Garage. £3100. NEW Concrete Veneer Bungalow, Westminster street, 2 bedrooms, lounge. £2780.
T HOUSE, Radley street, close to Ferry road, 4 bedrooms, lounge, dinette-kitchenette, dual hot water, 1/4-acre. Rates £12. Quick sale £2000.
SQUARE Dwelling, Buchan st., Sydenham, 3 bedrooms, lounge, dinette. Hot water. £1900.
2 SELF-CONTAINED Flats, Cashel st., close Fitzgerald avenue, both vacant. £3000.
SQUARE HOUSE, Hereford street, close in, 3 bedrooms, livingroom, etc. 25 perches. £1600.
T HOUSE, Clarendon terrace, 3 bedrooms, 2 livingrooms, all conveniences, garage. Large land, well kept and in good order. £2500.
BUNGALOW, Bellamy avenue, 3 bedrooms, lounge, k'ette, sunroom, garage. Tiled bathroom, ss. shower. 35 perches of land. Garage. £3150.
2-STOREYED BUNGALOW, Opawa road, 4 bedrooms, 2 livingrooms, large k'ette, all conveniences. £3700.
NEW BUNGALOW, Howe st., Central Brighton, 2 bedrooms, sunroom, lounge, k'ette. Garage. £3750.
BUNGALOW, New Brighton road, Estuary rd., 2 bedrooms, lounge, dinette, garage. £2000.
BUNGALOW built 4½ years, Bower ave., Brighton, 3 bedrooms, sunroom, lounge, k'ette. £2850.
SQUARE HOUSE, Rosewarne st., Spreydon, 2 bedrooms, lounge, diningroom, k'ette. £1600.
3-STOREYED BUNGALOW, Worcester street, close to Fitzgerald avenue, 2 flats. Immediate possession. £4600.
BUNGALOW, Lionel st., Dallington, 2 bedrooms, lounge, k'ette. £2650.
BUNGALOW, Marshall street, close Clarendon terrace, Opawa, 3 bedrooms, lounge, dinette-kitchen, garage. Vacant possession. £3600.
BUNGALOW, Hopkins street, Woolston, 2 bedrooms, lounge, k'ette, all conveniences. £2500.
BUNGALOW, Nursery road, 3 bedrooms, lounge, recently renovated. £2650.
BUNGALOW, McFaddens road, St. Albans, 4 bedrooms, lounge, k'ette, all modern conveniences. £3000.
APARTMENT HOUSES, Worcester street, close to Square, 5 rooms, toilet upstairs. All conveniences. £4800.
SECTIONS. 11 FRONT SECTIONS attained Philpotts road, 32 perches of land, each. £3 links frontage. Price from £800 each.
CAKE AND CONFECTIONERY BUSINESS and Shop, situated New Brighton Road, tenancy and lease. Price for business and good-will and stock, £2500.
LEASEHOLD LOCK-UP SHOP, At present Gift Shop, situated Seaview road, New Brighton. Rent £5 per week. Price £400. Price, walk-in walk-out. Apply to Joe Black, Land and Estate Agent, 204 Cashel street. Telephone 898-7421K. 2599
